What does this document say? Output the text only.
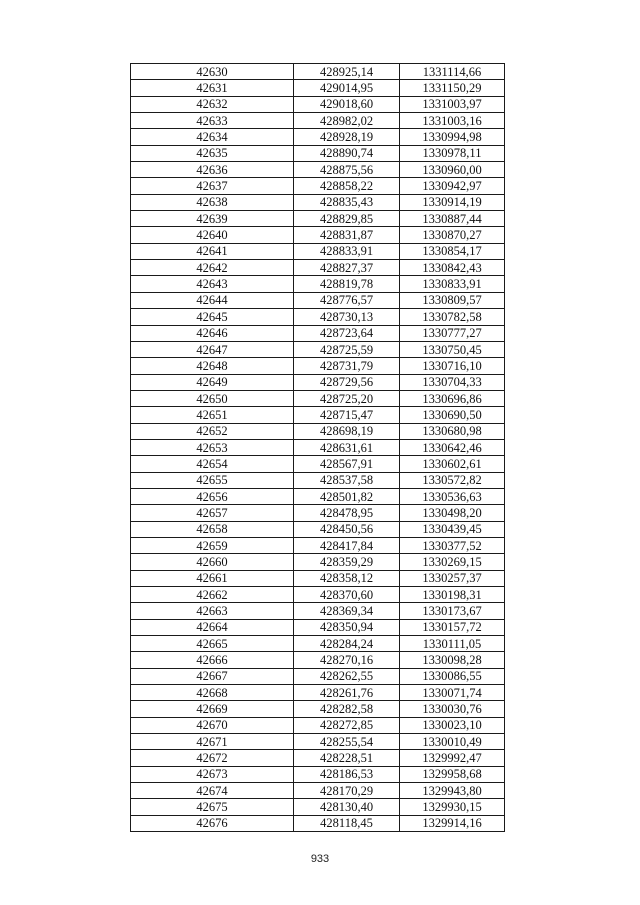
42630	428925,14	1331114,66
42631	429014,95	1331150,29
42632	429018,60	1331003,97
42633	428982,02	1331003,16
42634	428928,19	1330994,98
42635	428890,74	1330978,11
42636	428875,56	1330960,00
42637	428858,22	1330942,97
42638	428835,43	1330914,19
42639	428829,85	1330887,44
42640	428831,87	1330870,27
42641	428833,91	1330854,17
42642	428827,37	1330842,43
42643	428819,78	1330833,91
42644	428776,57	1330809,57
42645	428730,13	1330782,58
42646	428723,64	1330777,27
42647	428725,59	1330750,45
42648	428731,79	1330716,10
42649	428729,56	1330704,33
42650	428725,20	1330696,86
42651	428715,47	1330690,50
42652	428698,19	1330680,98
42653	428631,61	1330642,46
42654	428567,91	1330602,61
42655	428537,58	1330572,82
42656	428501,82	1330536,63
42657	428478,95	1330498,20
42658	428450,56	1330439,45
42659	428417,84	1330377,52
42660	428359,29	1330269,15
42661	428358,12	1330257,37
42662	428370,60	1330198,31
42663	428369,34	1330173,67
42664	428350,94	1330157,72
42665	428284,24	1330111,05
42666	428270,16	1330098,28
42667	428262,55	1330086,55
42668	428261,76	1330071,74
42669	428282,58	1330030,76
42670	428272,85	1330023,10
42671	428255,54	1330010,49
42672	428228,51	1329992,47
42673	428186,53	1329958,68
42674	428170,29	1329943,80
42675	428130,40	1329930,15
42676	428118,45	1329914,16
933
